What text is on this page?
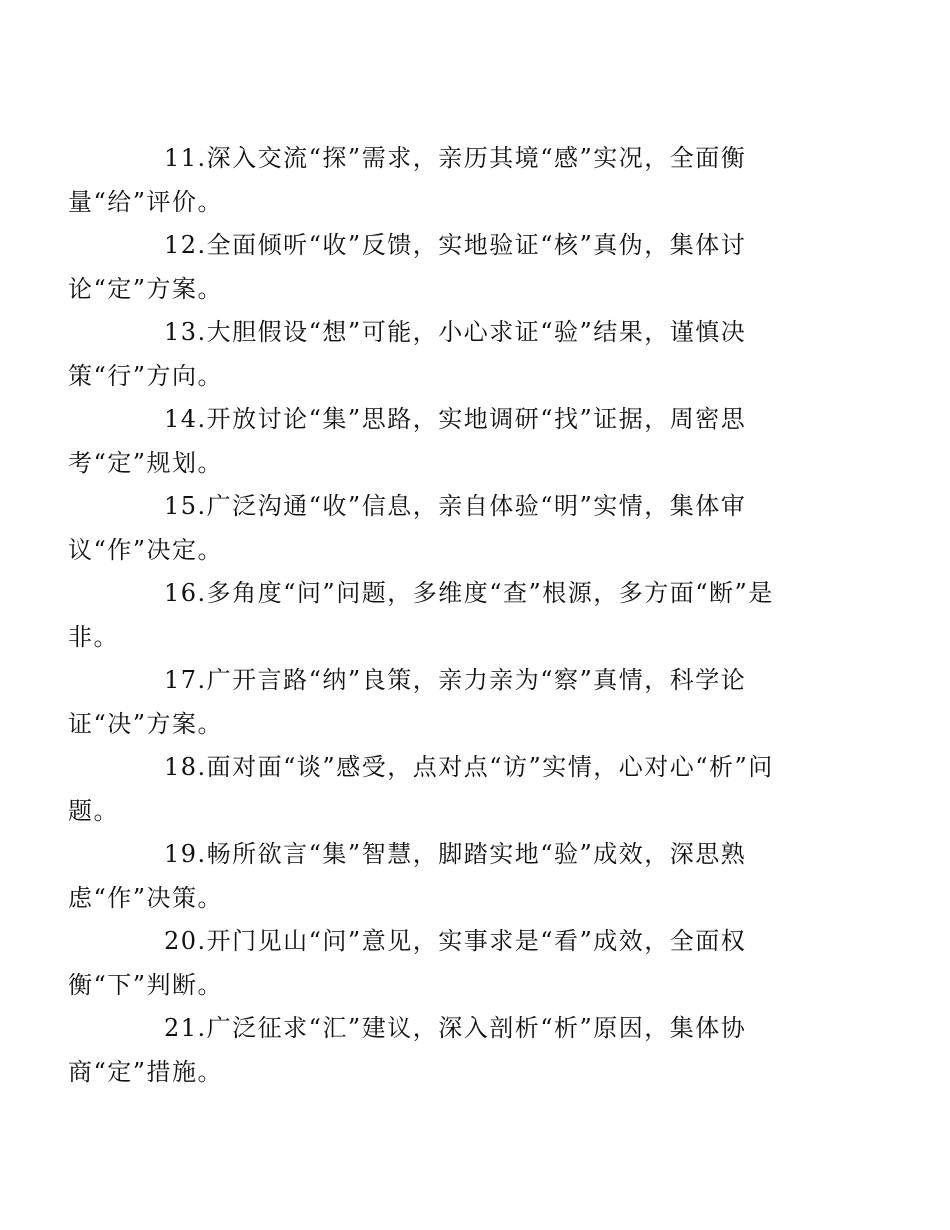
11.深入交流“探”需求，亲历其境“感”实况，全面衡
量“给”评价。

12.全面倾听“收”反馈，实地验证“核”真伪，集体讨
论“定”方案。

13.大胆假设“想”可能，小心求证“验”结果，谨慎决
策“行”方向。

14.开放讨论“集”思路，实地调研“找”证据，周密思
考“定”规划。

15.广泛沟通“收”信息，亲自体验“明”实情，集体审
议“作”决定。

16.多角度“问”问题，多维度“查”根源，多方面“断”是
非。

17.广开言路“纳”良策，亲力亲为“察”真情，科学论
证“决”方案。

18.面对面“谈”感受，点对点“访”实情，心对心“析”问
题。

19.畅所欲言“集”智慧，脚踏实地“验”成效，深思熟
虑“作”决策。

20.开门见山“问”意见，实事求是“看”成效，全面权
衡“下”判断。

21.广泛征求“汇”建议，深入剖析“析”原因，集体协
商“定”措施。
